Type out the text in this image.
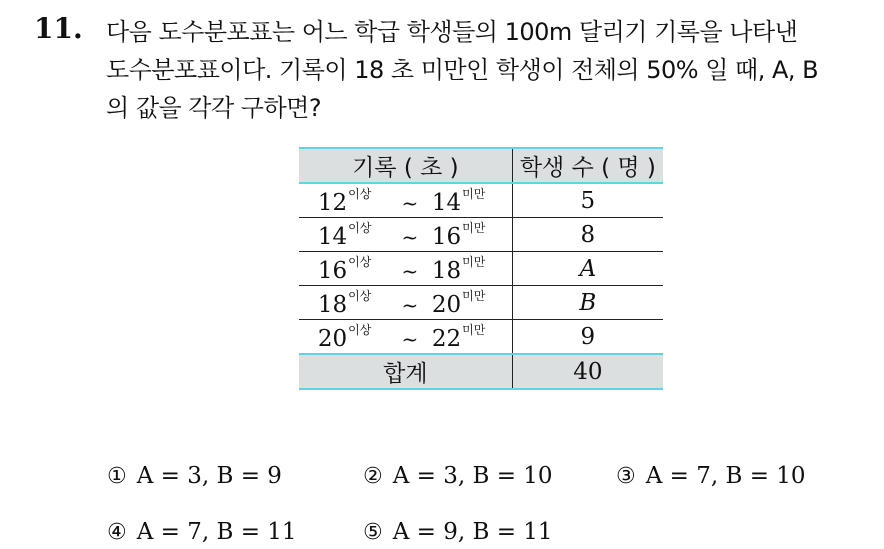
11. 다음 도수분포표는 어느 학급 학생들의 100m 달리기 기록을 나타낸
도수분포표이다. 기록이 18 초 미만인 학생이 전체의 50% 일 때, A, B
의 값을 각각 구하면?
기록 ( 초 )	학생 수 ( 명 )
$12^{이상}$ ~ $14^{미만}$	5
$14^{이상}$ ~ $16^{미만}$	8
$16^{이상}$ ~ $18^{미만}$	A
$18^{이상}$ ~ $20^{미만}$	B
$20^{이상}$ ~ $22^{미만}$	9
합계	40
① A = 3, B = 9	② A = 3, B = 10	③ A = 7, B = 10
④ A = 7, B = 11	⑤ A = 9, B = 11
